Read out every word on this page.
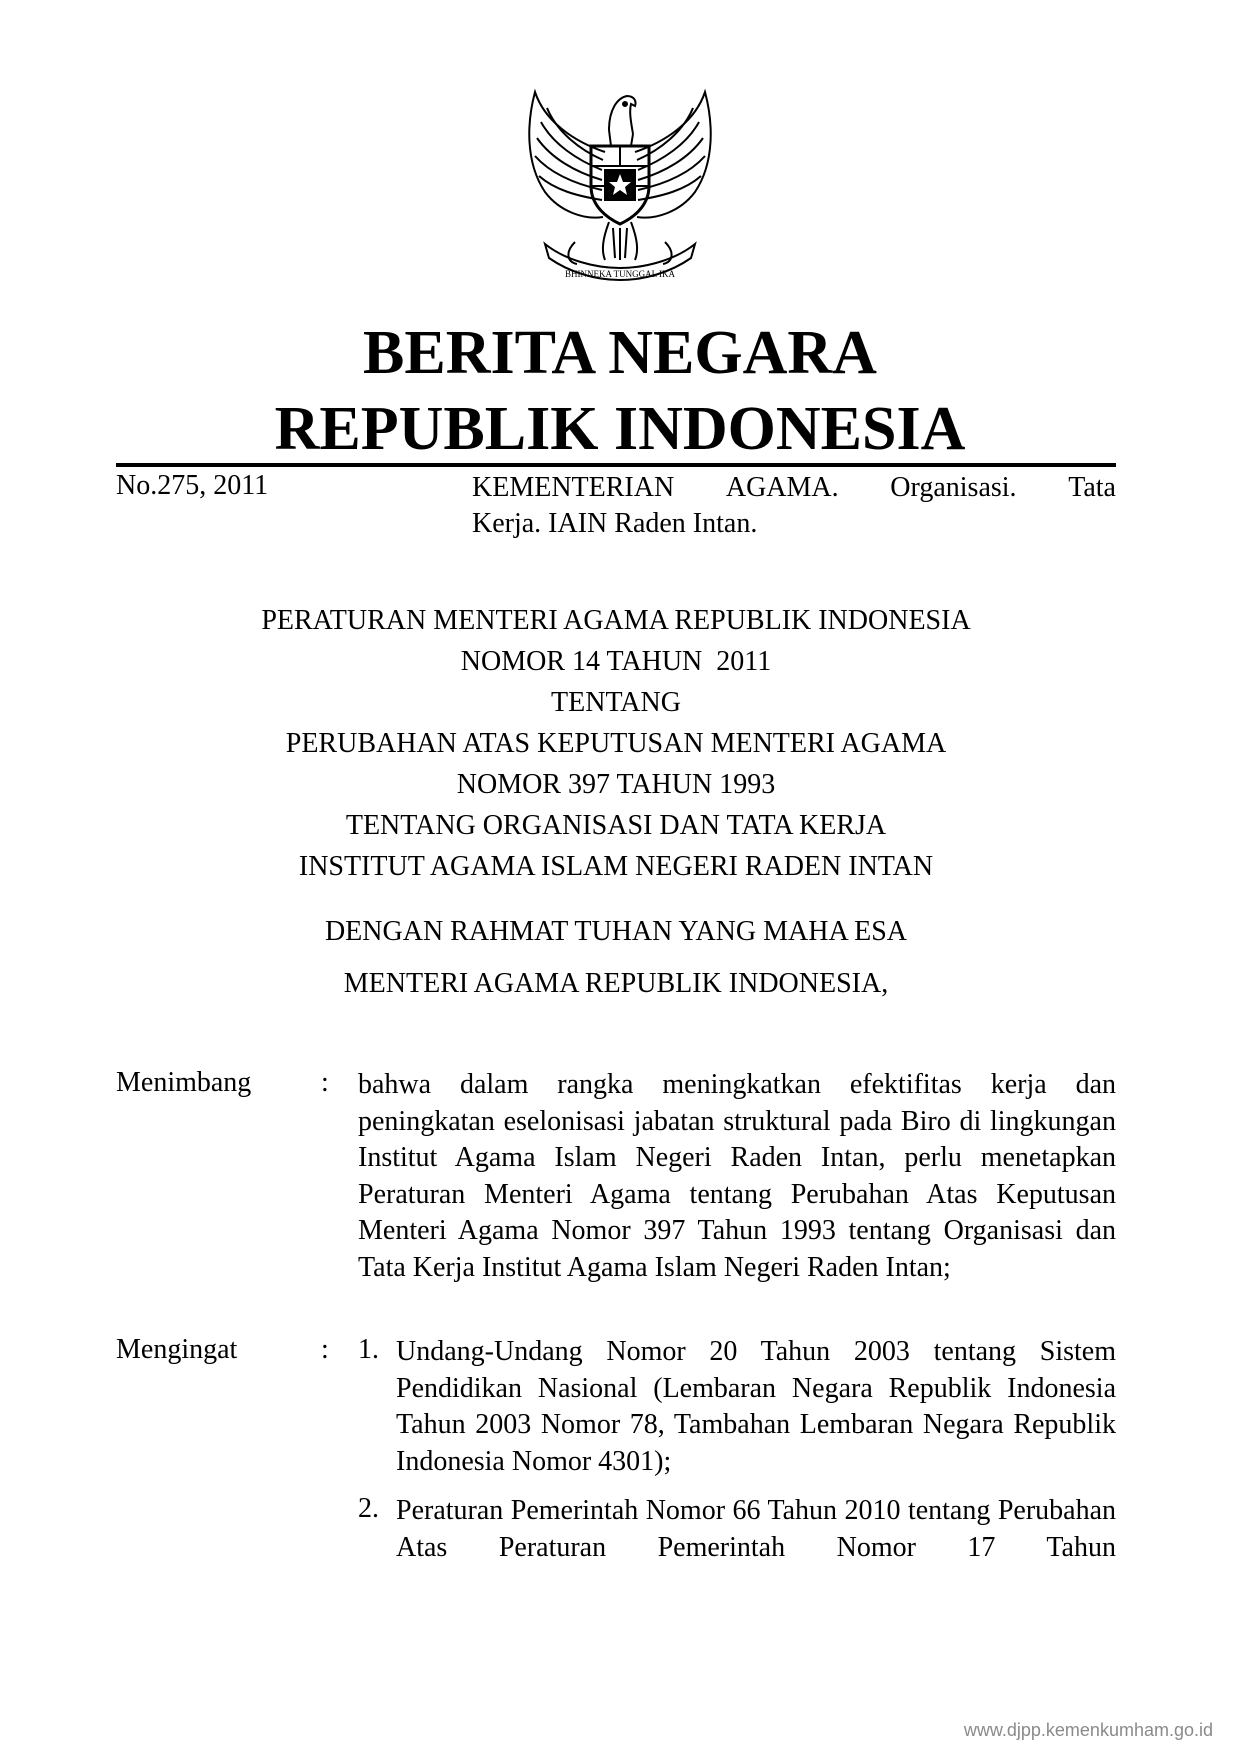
BHINNEKA TUNGGAL IKA
BERITA NEGARA
REPUBLIK INDONESIA
No.275, 2011	KEMENTERIAN AGAMA. Organisasi. Tata
Kerja. IAIN Raden Intan.
PERATURAN MENTERI AGAMA REPUBLIK INDONESIA
NOMOR 14 TAHUN  2011
TENTANG
PERUBAHAN ATAS KEPUTUSAN MENTERI AGAMA
NOMOR 397 TAHUN 1993
TENTANG ORGANISASI DAN TATA KERJA
INSTITUT AGAMA ISLAM NEGERI RADEN INTAN
DENGAN RAHMAT TUHAN YANG MAHA ESA
MENTERI AGAMA REPUBLIK INDONESIA,
Menimbang : bahwa dalam rangka meningkatkan efektifitas kerja dan peningkatan eselonisasi jabatan struktural pada Biro di lingkungan Institut Agama Islam Negeri Raden Intan, perlu menetapkan Peraturan Menteri Agama tentang Perubahan Atas Keputusan Menteri Agama Nomor 397 Tahun 1993 tentang Organisasi dan Tata Kerja Institut Agama Islam Negeri Raden Intan;
Mengingat	: 1. Undang-Undang Nomor 20 Tahun 2003 tentang Sistem Pendidikan Nasional (Lembaran Negara Republik Indonesia Tahun 2003 Nomor 78, Tambahan Lembaran Negara Republik Indonesia Nomor 4301);
2. Peraturan Pemerintah Nomor 66 Tahun 2010 tentang Perubahan Atas Peraturan Pemerintah Nomor 17 Tahun
www.djpp.kemenkumham.go.id
